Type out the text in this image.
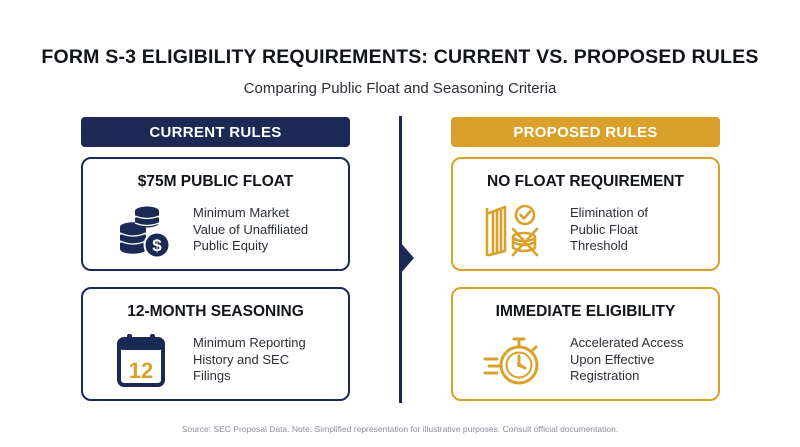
FORM S-3 ELIGIBILITY REQUIREMENTS: CURRENT VS. PROPOSED RULES
Comparing Public Float and Seasoning Criteria
CURRENT RULES	PROPOSED RULES
$75M PUBLIC FLOAT
$
Minimum Market
Value of Unaffiliated
Public Equity
12-MONTH SEASONING
12
Minimum Reporting
History and SEC
Filings
NO FLOAT REQUIREMENT
Elimination of
Public Float
Threshold
IMMEDIATE ELIGIBILITY
Accelerated Access
Upon Effective
Registration
Source: SEC Proposal Data. Note: Simplified representation for illustrative purposes. Consult official documentation.
